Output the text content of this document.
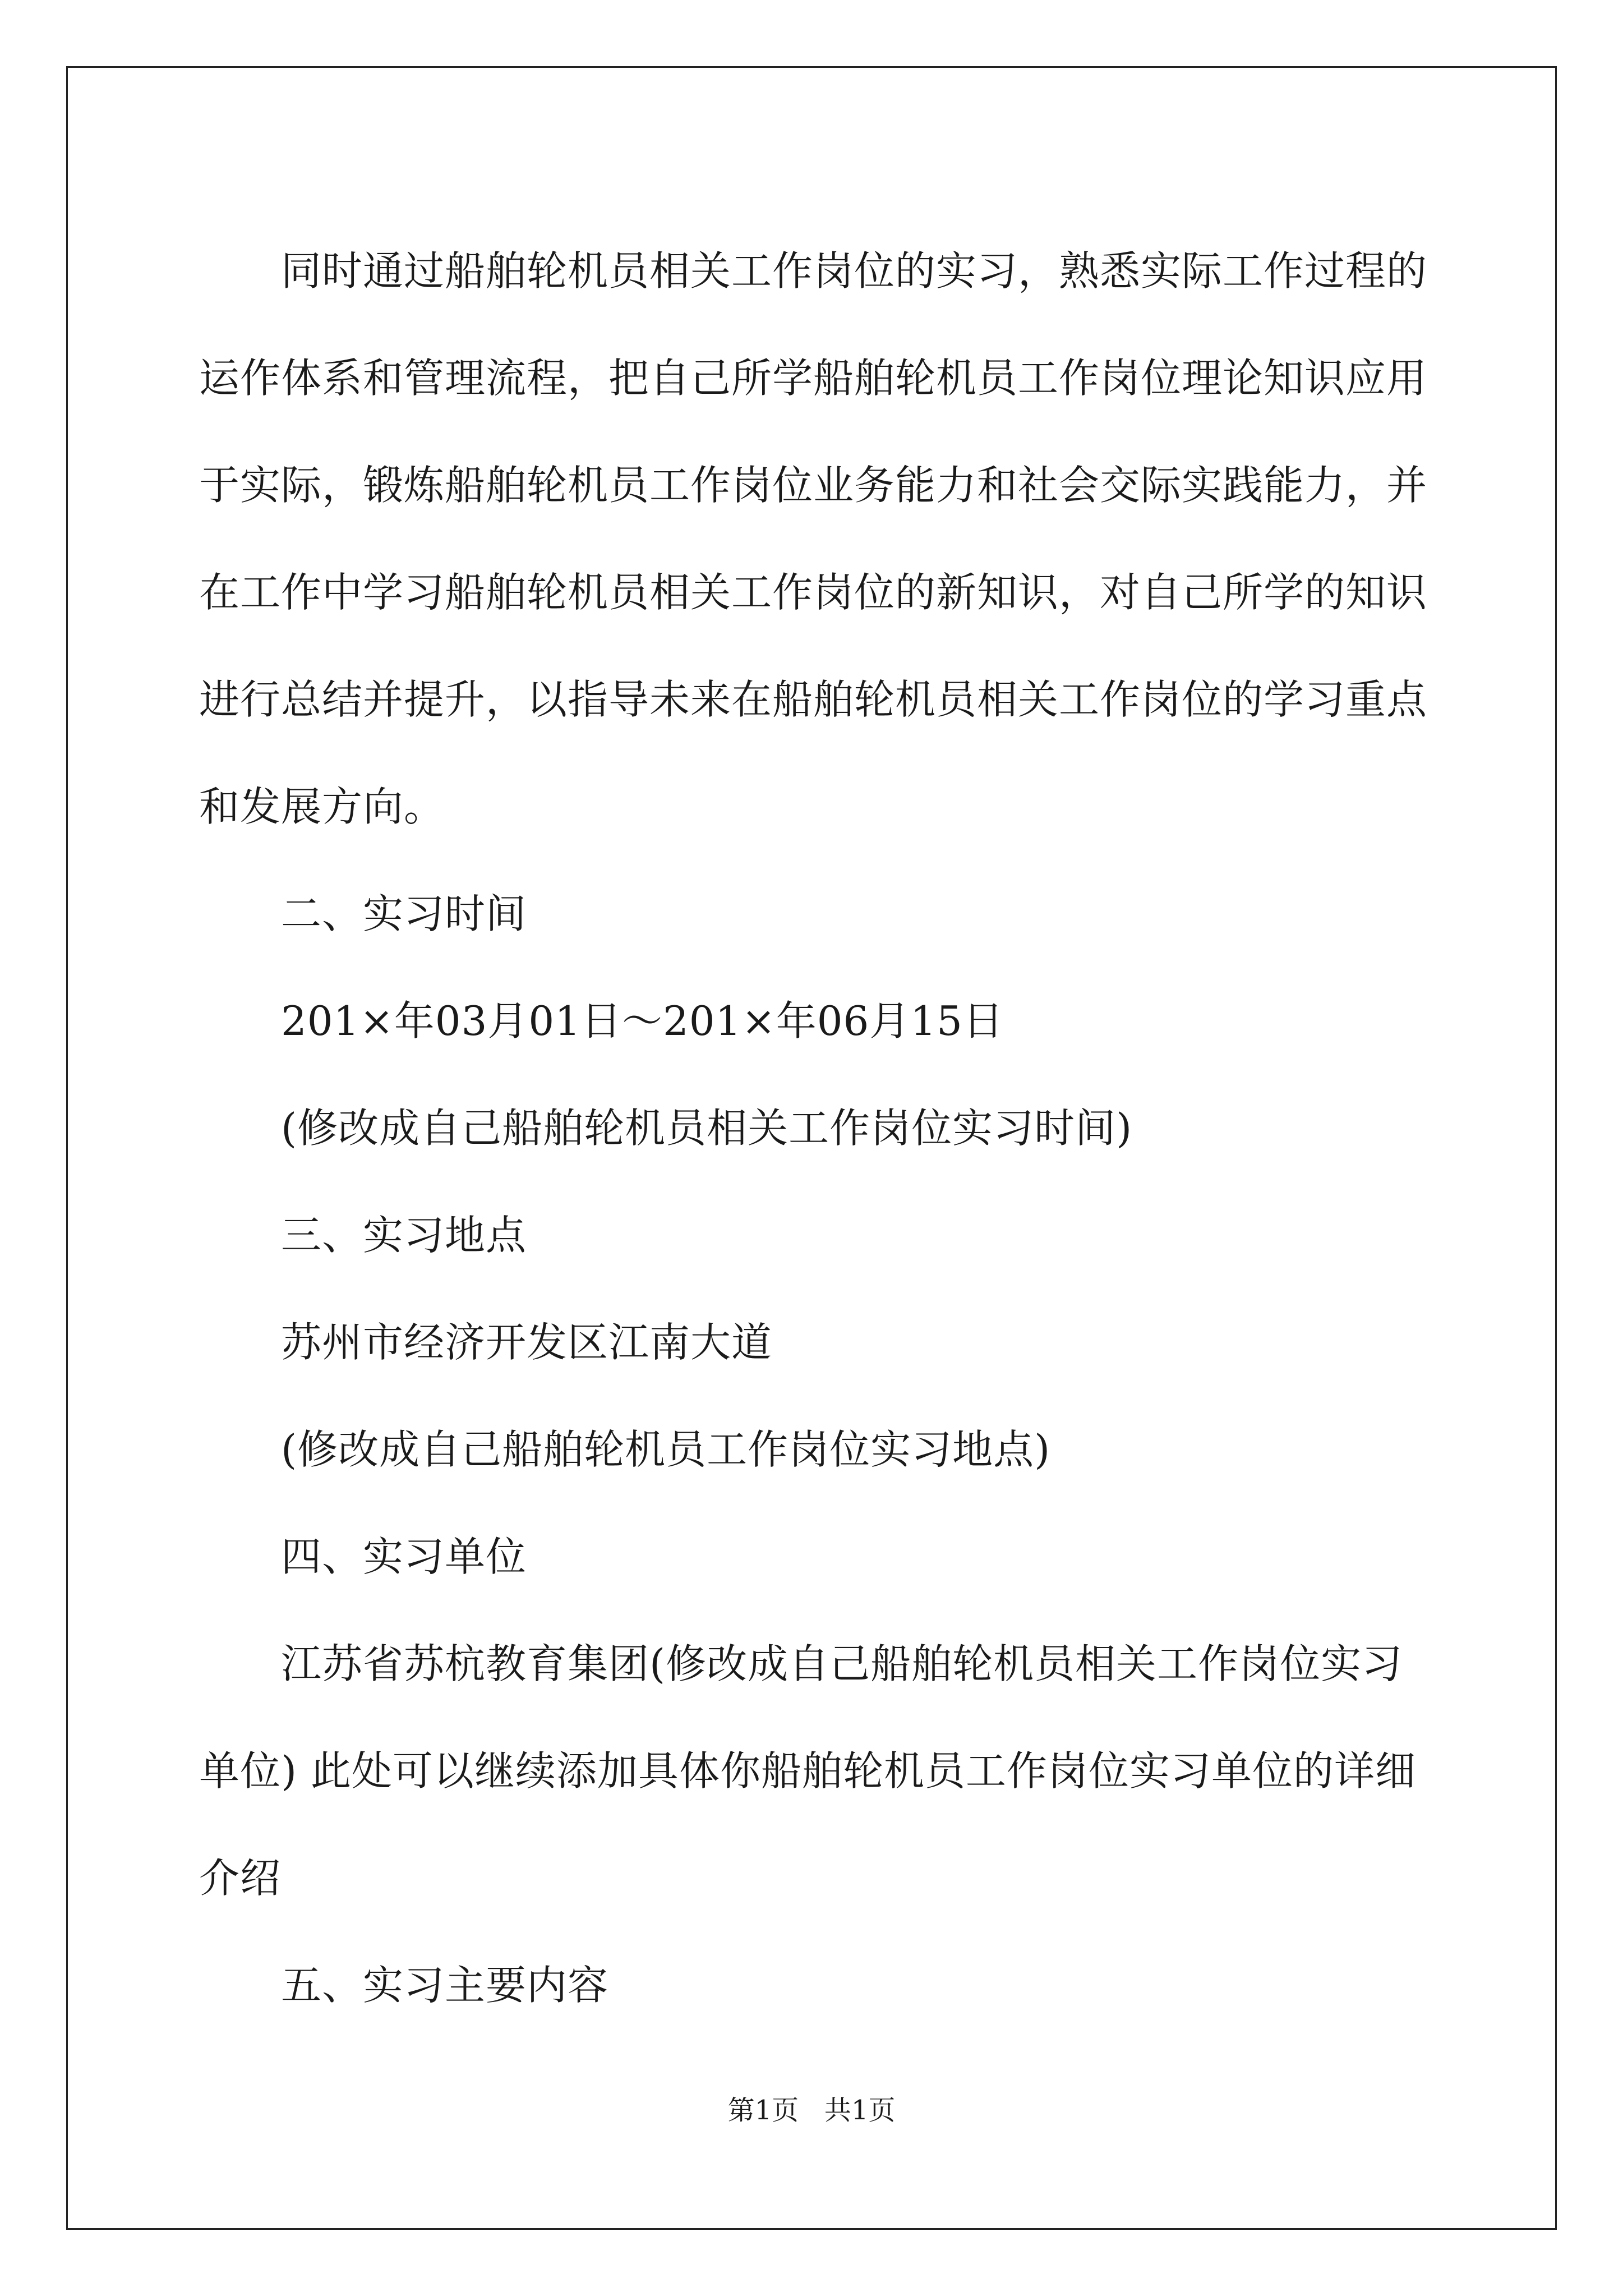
同时通过船舶轮机员相关工作岗位的实习，熟悉实际工作过程的
运作体系和管理流程，把自己所学船舶轮机员工作岗位理论知识应用
于实际，锻炼船舶轮机员工作岗位业务能力和社会交际实践能力，并
在工作中学习船舶轮机员相关工作岗位的新知识，对自己所学的知识
进行总结并提升，以指导未来在船舶轮机员相关工作岗位的学习重点
和发展方向。
二、实习时间
201×年03月01日～201×年06月15日
(修改成自己船舶轮机员相关工作岗位实习时间)
三、实习地点
苏州市经济开发区江南大道
(修改成自己船舶轮机员工作岗位实习地点)
四、实习单位
江苏省苏杭教育集团(修改成自己船舶轮机员相关工作岗位实习
单位) 此处可以继续添加具体你船舶轮机员工作岗位实习单位的详细
介绍
五、实习主要内容
第1页 共1页
